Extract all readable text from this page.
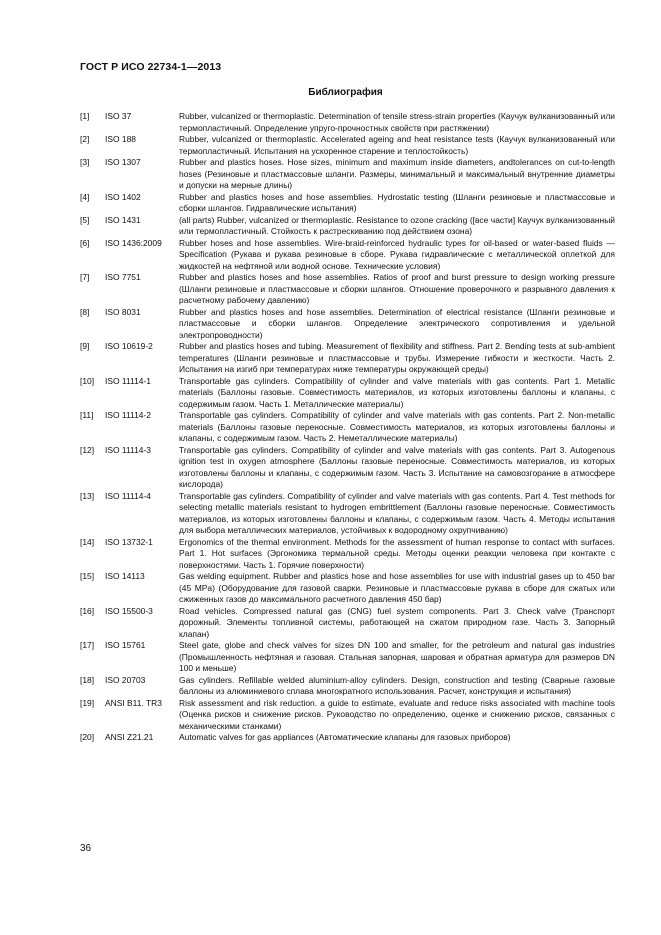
ГОСТ Р ИСО 22734-1—2013
Библиография
[1]	ISO 37	Rubber, vulcanized or thermoplastic. Determination of tensile stress-strain properties (Каучук вулканизованный или термопластичный. Определение упруго-прочностных свойств при растяжении)
[2]	ISO 188	Rubber, vulcanized or thermoplastic. Accelerated ageing and heat resistance tests (Каучук вулканизованный или термопластичный. Испытания на ускоренное старение и теплостойкость)
[3]	ISO 1307	Rubber and plastics hoses. Hose sizes, minimum and maximum inside diameters, andtolerances on cut-to-length hoses (Резиновые и пластмассовые шланги. Размеры, минимальный и максимальный внутренние диаметры и допуски на мерные длины)
[4]	ISO 1402	Rubber and plastics hoses and hose assemblies. Hydrostatic testing (Шланги резиновые и пластмассовые и сборки шлангов. Гидравлические испытания)
[5]	ISO 1431	(all parts) Rubber, vulcanized or thermoplastic. Resistance to ozone cracking ([все части] Каучук вулканизованный или термопластичный. Стойкость к растрескиванию под действием озона)
[6]	ISO 1436:2009	Rubber hoses and hose assemblies. Wire-braid-reinforced hydraulic types for oil-based or water-based fluids — Specification (Рукава и рукава резиновые в сборе. Рукава гидравлические с металлической оплеткой для жидкостей на нефтяной или водной основе. Технические условия)
[7]	ISO 7751	Rubber and plastics hoses and hose assemblies. Ratios of proof and burst pressure to design working pressure (Шланги резиновые и пластмассовые и сборки шлангов. Отношение проверочного и разрывного давления к расчетному рабочему давлению)
[8]	ISO 8031	Rubber and plastics hoses and hose assemblies. Determination of electrical resistance (Шланги резиновые и пластмассовые и сборки шлангов. Определение электрического сопротивления и удельной электропроводности)
[9]	ISO 10619-2	Rubber and plastics hoses and tubing. Measurement of flexibility and stiffness. Part 2. Bending tests at sub-ambient temperatures (Шланги резиновые и пластмассовые и трубы. Измерение гибкости и жесткости. Часть 2. Испытания на изгиб при температурах ниже температуры окружающей среды)
[10]	ISO 11114-1	Transportable gas cylinders. Compatibility of cylinder and valve materials with gas contents. Part 1. Metallic materials (Баллоны газовые. Совместимость материалов, из которых изготовлены баллоны и клапаны, с содержимым газом. Часть 1. Металлические материалы)
[11]	ISO 11114-2	Transportable gas cylinders. Compatibility of cylinder and valve materials with gas contents. Part 2. Non-metallic materials (Баллоны газовые переносные. Совместимость материалов, из которых изготовлены баллоны и клапаны, с содержимым газом. Часть 2. Неметаллические материалы)
[12]	ISO 11114-3	Transportable gas cylinders. Compatibility of cylinder and valve materials with gas contents. Part 3. Autogenous ignition test in oxygen atmosphere (Баллоны газовые переносные. Совместимость материалов, из которых изготовлены баллоны и клапаны, с содержимым газом. Часть 3. Испытание на самовозгорание в атмосфере кислорода)
[13]	ISO 11114-4	Transportable gas cylinders. Compatibility of cylinder and valve materials with gas contents. Part 4. Test methods for selecting metallic materials resistant to hydrogen embrittlement (Баллоны газовые переносные. Совместимость материалов, из которых изготовлены баллоны и клапаны, с содержимым газом. Часть 4. Методы испытания для выбора металлических материалов, устойчивых к водородному охрупчиванию)
[14]	ISO 13732-1	Ergonomics of the thermal environment. Methods for the assessment of human response to contact with surfaces. Part 1. Hot surfaces (Эргономика термальной среды. Методы оценки реакции человека при контакте с поверхностями. Часть 1. Горячие поверхности)
[15]	ISO 14113	Gas welding equipment. Rubber and plastics hose and hose assemblies for use with industrial gases up to 450 bar (45 MPa) (Оборудование для газовой сварки. Резиновые и пластмассовые рукава в сборе для сжатых или сжиженных газов до максимального расчетного давления 450 бар)
[16]	ISO 15500-3	Road vehicles. Compressed natural gas (CNG) fuel system components. Part 3. Check valve (Транспорт дорожный. Элементы топливной системы, работающей на сжатом природном газе. Часть 3. Запорный клапан)
[17]	ISO 15761	Steel gate, globe and check valves for sizes DN 100 and smaller, for the petroleum and natural gas industries (Промышленность нефтяная и газовая. Стальная запорная, шаровая и обратная арматура для размеров DN 100 и меньше)
[18]	ISO 20703	Gas cylinders. Refillable welded aluminium-alloy cylinders. Design, construction and testing (Сварные газовые баллоны из алюминиевого сплава многократного использования. Расчет, конструкция и испытания)
[19]	ANSI B11. TR3	Risk assessment and risk reduction. a guide to estimate, evaluate and reduce risks associated with machine tools (Оценка рисков и снижение рисков. Руководство по определению, оценке и снижению рисков, связанных с механическими станками)
[20]	ANSI Z21.21	Automatic valves for gas appliances (Автоматические клапаны для газовых приборов)
36
